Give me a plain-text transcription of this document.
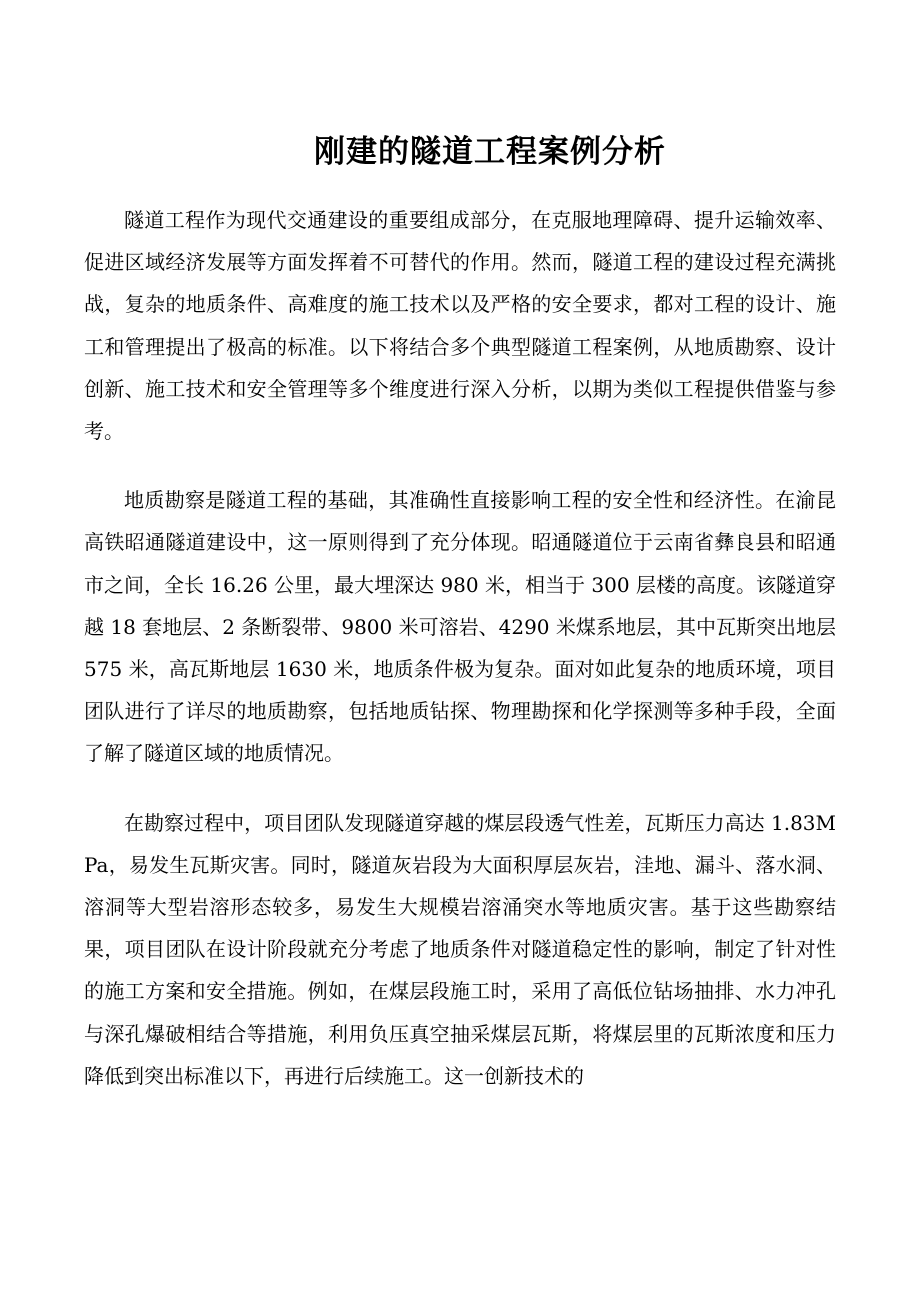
刚建的隧道工程案例分析

隧道工程作为现代交通建设的重要组成部分，在克服地理障碍、提升运输效率、促进区域经济发展等方面发挥着不可替代的作用。然而，隧道工程的建设过程充满挑战，复杂的地质条件、高难度的施工技术以及严格的安全要求，都对工程的设计、施工和管理提出了极高的标准。以下将结合多个典型隧道工程案例，从地质勘察、设计创新、施工技术和安全管理等多个维度进行深入分析，以期为类似工程提供借鉴与参考。

地质勘察是隧道工程的基础，其准确性直接影响工程的安全性和经济性。在渝昆高铁昭通隧道建设中，这一原则得到了充分体现。昭通隧道位于云南省彝良县和昭通市之间，全长 16.26 公里，最大埋深达 980 米，相当于 300 层楼的高度。该隧道穿越 18 套地层、2 条断裂带、9800 米可溶岩、4290 米煤系地层，其中瓦斯突出地层 575 米，高瓦斯地层 1630 米，地质条件极为复杂。面对如此复杂的地质环境，项目团队进行了详尽的地质勘察，包括地质钻探、物理勘探和化学探测等多种手段，全面了解了隧道区域的地质情况。

在勘察过程中，项目团队发现隧道穿越的煤层段透气性差，瓦斯压力高达 1.83MPa，易发生瓦斯灾害。同时，隧道灰岩段为大面积厚层灰岩，洼地、漏斗、落水洞、溶洞等大型岩溶形态较多，易发生大规模岩溶涌突水等地质灾害。基于这些勘察结果，项目团队在设计阶段就充分考虑了地质条件对隧道稳定性的影响，制定了针对性的施工方案和安全措施。例如，在煤层段施工时，采用了高低位钻场抽排、水力冲孔与深孔爆破相结合等措施，利用负压真空抽采煤层瓦斯，将煤层里的瓦斯浓度和压力降低到突出标准以下，再进行后续施工。这一创新技术的
